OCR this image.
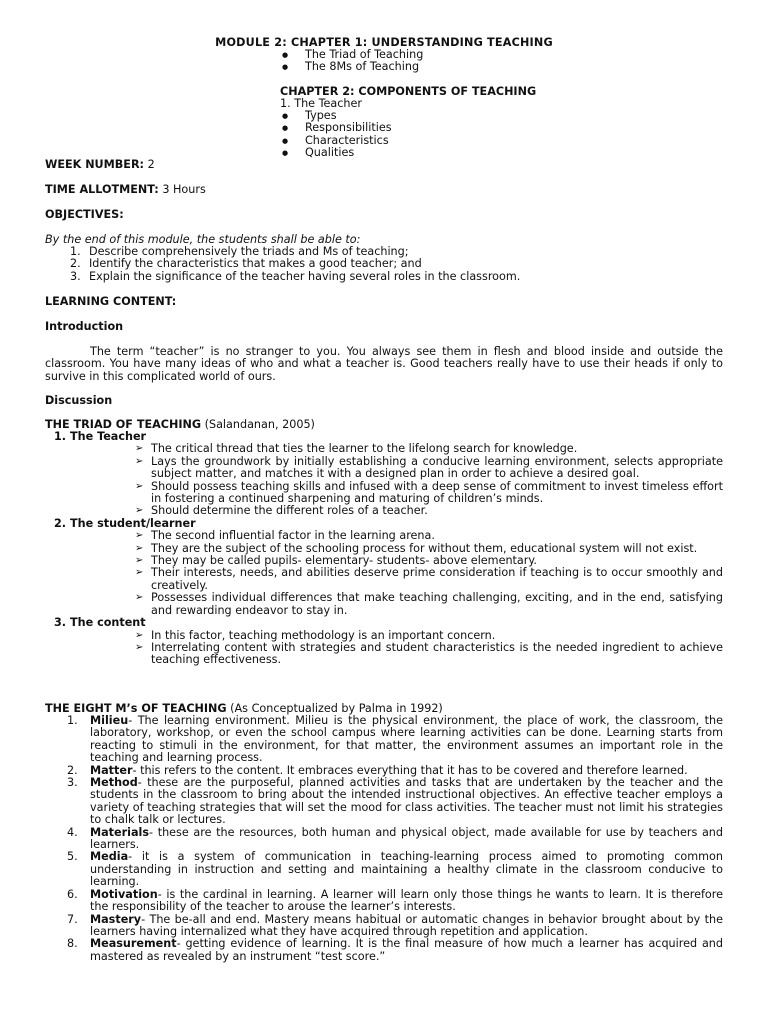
MODULE 2: CHAPTER 1: UNDERSTANDING TEACHING
● The Triad of Teaching
● The 8Ms of Teaching
CHAPTER 2: COMPONENTS OF TEACHING
1. The Teacher
● Types
● Responsibilities
● Characteristics
● Qualities
WEEK NUMBER: 2
TIME ALLOTMENT: 3 Hours
OBJECTIVES:
By the end of this module, the students shall be able to:
1. Describe comprehensively the triads and Ms of teaching;
2. Identify the characteristics that makes a good teacher; and
3. Explain the significance of the teacher having several roles in the classroom.
LEARNING CONTENT:
Introduction

The term “teacher” is no stranger to you. You always see them in flesh and blood inside and outside the classroom. You have many ideas of who and what a teacher is. Good teachers really have to use their heads if only to survive in this complicated world of ours.

Discussion
THE TRIAD OF TEACHING (Salandanan, 2005)
1. The Teacher
➢ The critical thread that ties the learner to the lifelong search for knowledge.
➢ Lays the groundwork by initially establishing a conducive learning environment, selects appropriate subject matter, and matches it with a designed plan in order to achieve a desired goal.
➢ Should possess teaching skills and infused with a deep sense of commitment to invest timeless effort in fostering a continued sharpening and maturing of children’s minds.
➢ Should determine the different roles of a teacher.
2. The student/learner
➢ The second influential factor in the learning arena.
➢ They are the subject of the schooling process for without them, educational system will not exist.
➢ They may be called pupils- elementary- students- above elementary.
➢ Their interests, needs, and abilities deserve prime consideration if teaching is to occur smoothly and creatively.
➢ Possesses individual differences that make teaching challenging, exciting, and in the end, satisfying and rewarding endeavor to stay in.
3. The content
➢ In this factor, teaching methodology is an important concern.
➢ Interrelating content with strategies and student characteristics is the needed ingredient to achieve teaching effectiveness.
THE EIGHT M’s OF TEACHING (As Conceptualized by Palma in 1992)
1. Milieu- The learning environment. Milieu is the physical environment, the place of work, the classroom, the laboratory, workshop, or even the school campus where learning activities can be done. Learning starts from reacting to stimuli in the environment, for that matter, the environment assumes an important role in the teaching and learning process.
2. Matter- this refers to the content. It embraces everything that it has to be covered and therefore learned.
3. Method- these are the purposeful, planned activities and tasks that are undertaken by the teacher and the students in the classroom to bring about the intended instructional objectives. An effective teacher employs a variety of teaching strategies that will set the mood for class activities. The teacher must not limit his strategies to chalk talk or lectures.
4. Materials- these are the resources, both human and physical object, made available for use by teachers and learners.
5. Media- it is a system of communication in teaching-learning process aimed to promoting common understanding in instruction and setting and maintaining a healthy climate in the classroom conducive to learning.
6. Motivation- is the cardinal in learning. A learner will learn only those things he wants to learn. It is therefore the responsibility of the teacher to arouse the learner’s interests.
7. Mastery- The be-all and end. Mastery means habitual or automatic changes in behavior brought about by the learners having internalized what they have acquired through repetition and application.
8. Measurement- getting evidence of learning. It is the final measure of how much a learner has acquired and mastered as revealed by an instrument “test score.”
